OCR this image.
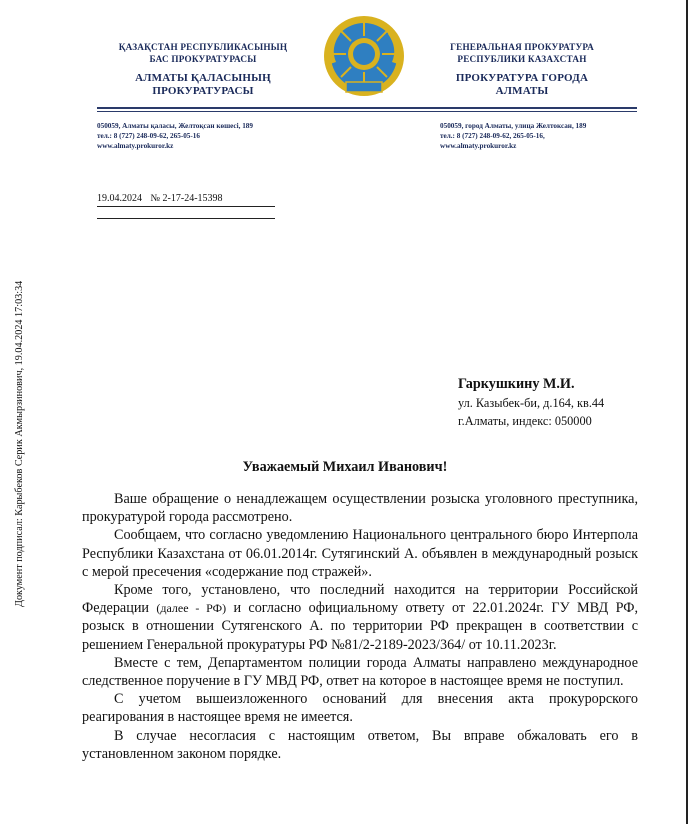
ҚАЗАҚСТАН РЕСПУБЛИКАСЫНЫҢ
БАС ПРОКУРАТУРАСЫ
АЛМАТЫ ҚАЛАСЫНЫҢ
ПРОКУРАТУРАСЫ
ГЕНЕРАЛЬНАЯ ПРОКУРАТУРА
РЕСПУБЛИКИ КАЗАХСТАН
ПРОКУРАТУРА ГОРОДА
АЛМАТЫ
050059, Алматы қаласы, Желтоқсан көшесі, 189
тел.: 8 (727) 248-09-62, 265-05-16
www.almaty.prokuror.kz
050059, город Алматы, улица Желтоксан, 189
тел.: 8 (727) 248-09-62, 265-05-16,
www.almaty.prokuror.kz
19.04.2024 № 2-17-24-15398
Документ подписал: Карыбеков Серик Акмырзинович, 19.04.2024 17:03:34	Гаркушкину М.И.
ул. Казыбек-би, д.164, кв.44
г.Алматы, индекс: 050000
Уважаемый Михаил Иванович!

Ваше обращение о ненадлежащем осуществлении розыска уголовного преступника, прокуратурой города рассмотрено.

Сообщаем, что согласно уведомлению Национального центрального бюро Интерпола Республики Казахстана от 06.01.2014г. Сутягинский А. объявлен в международный розыск с мерой пресечения «содержание под стражей».

Кроме того, установлено, что последний находится на территории Российской Федерации (далее - РФ) и согласно официальному ответу от 22.01.2024г. ГУ МВД РФ, розыск в отношении Сутягенского А. по территории РФ прекращен в соответствии с решением Генеральной прокуратуры РФ №81/2-2189-2023/364/ от 10.11.2023г.

Вместе с тем, Департаментом полиции города Алматы направлено международное следственное поручение в ГУ МВД РФ, ответ на которое в настоящее время не поступил.

С учетом вышеизложенного оснований для внесения акта прокурорского реагирования в настоящее время не имеется.

В случае несогласия с настоящим ответом, Вы вправе обжаловать его в установленном законом порядке.
